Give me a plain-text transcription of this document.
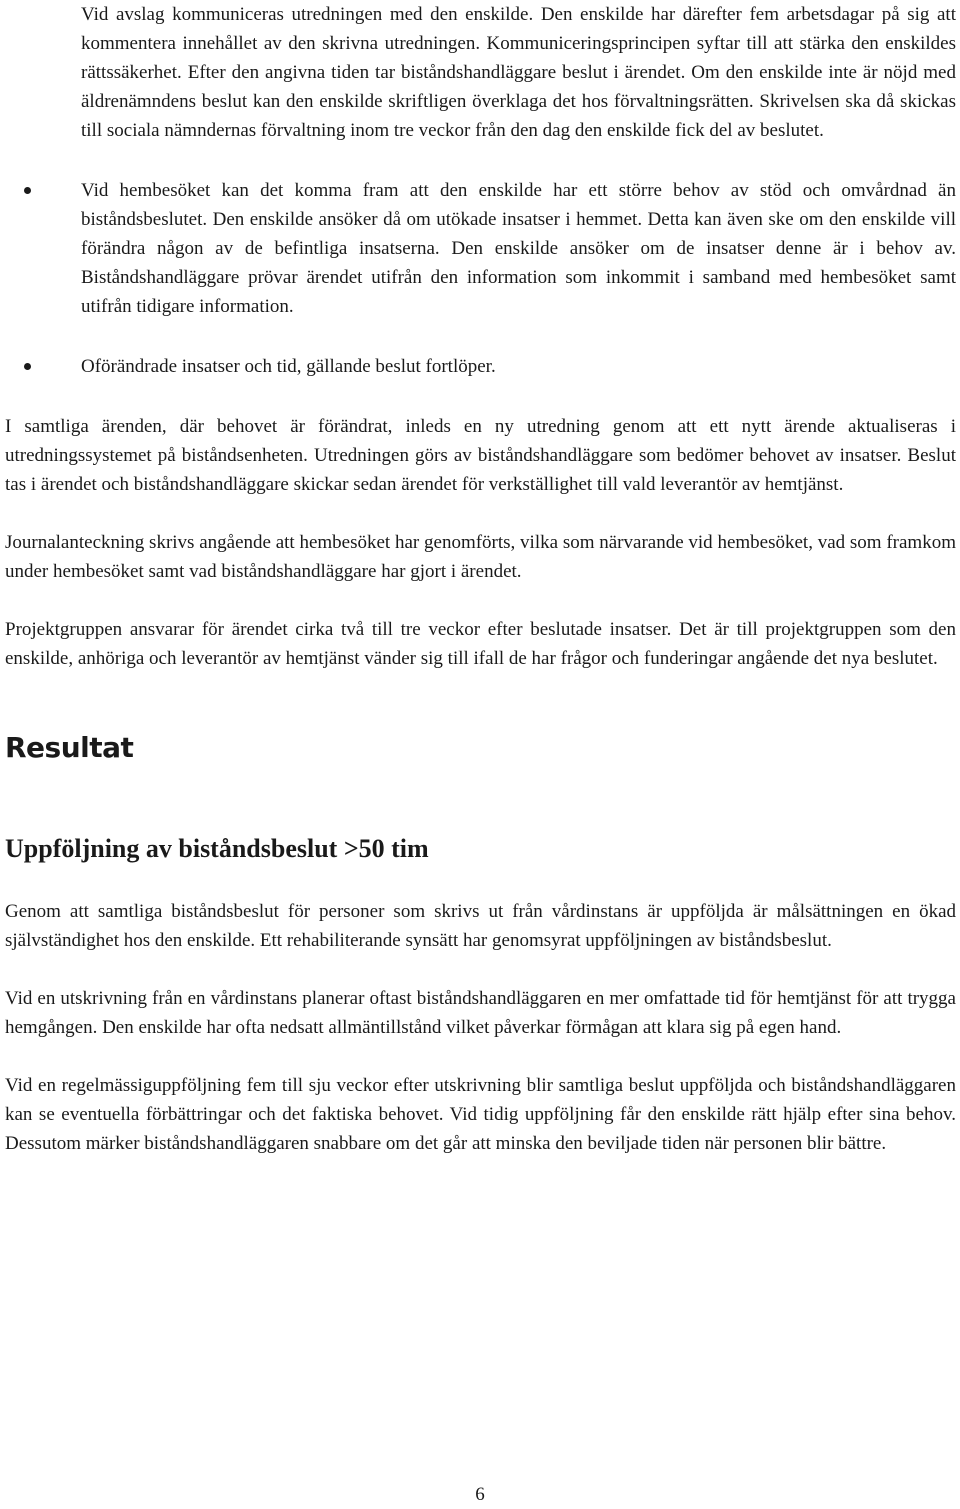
Vid avslag kommuniceras utredningen med den enskilde. Den enskilde har därefter fem arbetsdagar på sig att kommentera innehållet av den skrivna utredningen. Kommuniceringsprincipen syftar till att stärka den enskildes rättssäkerhet. Efter den angivna tiden tar biståndshandläggare beslut i ärendet. Om den enskilde inte är nöjd med äldrenämndens beslut kan den enskilde skriftligen överklaga det hos förvaltningsrätten. Skrivelsen ska då skickas till sociala nämndernas förvaltning inom tre veckor från den dag den enskilde fick del av beslutet.

Vid hembesöket kan det komma fram att den enskilde har ett större behov av stöd och omvårdnad än biståndsbeslutet. Den enskilde ansöker då om utökade insatser i hemmet. Detta kan även ske om den enskilde vill förändra någon av de befintliga insatserna. Den enskilde ansöker om de insatser denne är i behov av. Biståndshandläggare prövar ärendet utifrån den information som inkommit i samband med hembesöket samt utifrån tidigare information.

Oförändrade insatser och tid, gällande beslut fortlöper.

I samtliga ärenden, där behovet är förändrat, inleds en ny utredning genom att ett nytt ärende aktualiseras i utredningssystemet på biståndsenheten. Utredningen görs av biståndshandläggare som bedömer behovet av insatser. Beslut tas i ärendet och biståndshandläggare skickar sedan ärendet för verkställighet till vald leverantör av hemtjänst.

Journalanteckning skrivs angående att hembesöket har genomförts, vilka som närvarande vid hembesöket, vad som framkom under hembesöket samt vad biståndshandläggare har gjort i ärendet.

Projektgruppen ansvarar för ärendet cirka två till tre veckor efter beslutade insatser. Det är till projektgruppen som den enskilde, anhöriga och leverantör av hemtjänst vänder sig till ifall de har frågor och funderingar angående det nya beslutet.

Resultat
Uppföljning av biståndsbeslut >50 tim

Genom att samtliga biståndsbeslut för personer som skrivs ut från vårdinstans är uppföljda är målsättningen en ökad självständighet hos den enskilde. Ett rehabiliterande synsätt har genomsyrat uppföljningen av biståndsbeslut.

Vid en utskrivning från en vårdinstans planerar oftast biståndshandläggaren en mer omfattade tid för hemtjänst för att trygga hemgången. Den enskilde har ofta nedsatt allmäntillstånd vilket påverkar förmågan att klara sig på egen hand.

Vid en regelmässiguppföljning fem till sju veckor efter utskrivning blir samtliga beslut uppföljda och biståndshandläggaren kan se eventuella förbättringar och det faktiska behovet. Vid tidig uppföljning får den enskilde rätt hjälp efter sina behov. Dessutom märker biståndshandläggaren snabbare om det går att minska den beviljade tiden när personen blir bättre.

6
